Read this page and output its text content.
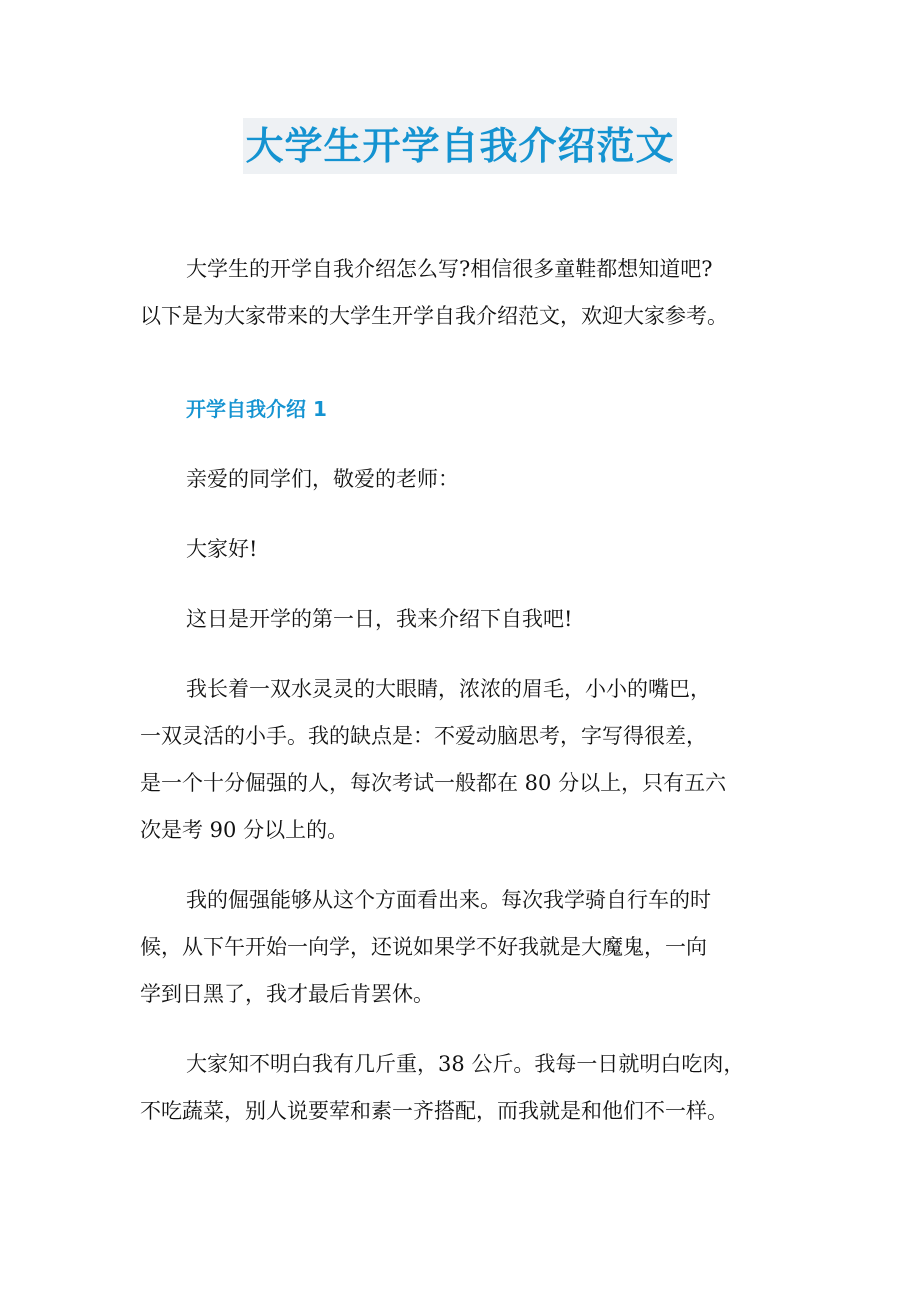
大学生开学自我介绍范文
大学生的开学自我介绍怎么写?相信很多童鞋都想知道吧?
以下是为大家带来的大学生开学自我介绍范文，欢迎大家参考。
开学自我介绍 1
亲爱的同学们，敬爱的老师：
大家好!
这日是开学的第一日，我来介绍下自我吧!
我长着一双水灵灵的大眼睛，浓浓的眉毛，小小的嘴巴，
一双灵活的小手。我的缺点是：不爱动脑思考，字写得很差，
是一个十分倔强的人，每次考试一般都在 80 分以上，只有五六
次是考 90 分以上的。
我的倔强能够从这个方面看出来。每次我学骑自行车的时
候，从下午开始一向学，还说如果学不好我就是大魔鬼，一向
学到日黑了，我才最后肯罢休。
大家知不明白我有几斤重，38 公斤。我每一日就明白吃肉，
不吃蔬菜，别人说要荤和素一齐搭配，而我就是和他们不一样。
